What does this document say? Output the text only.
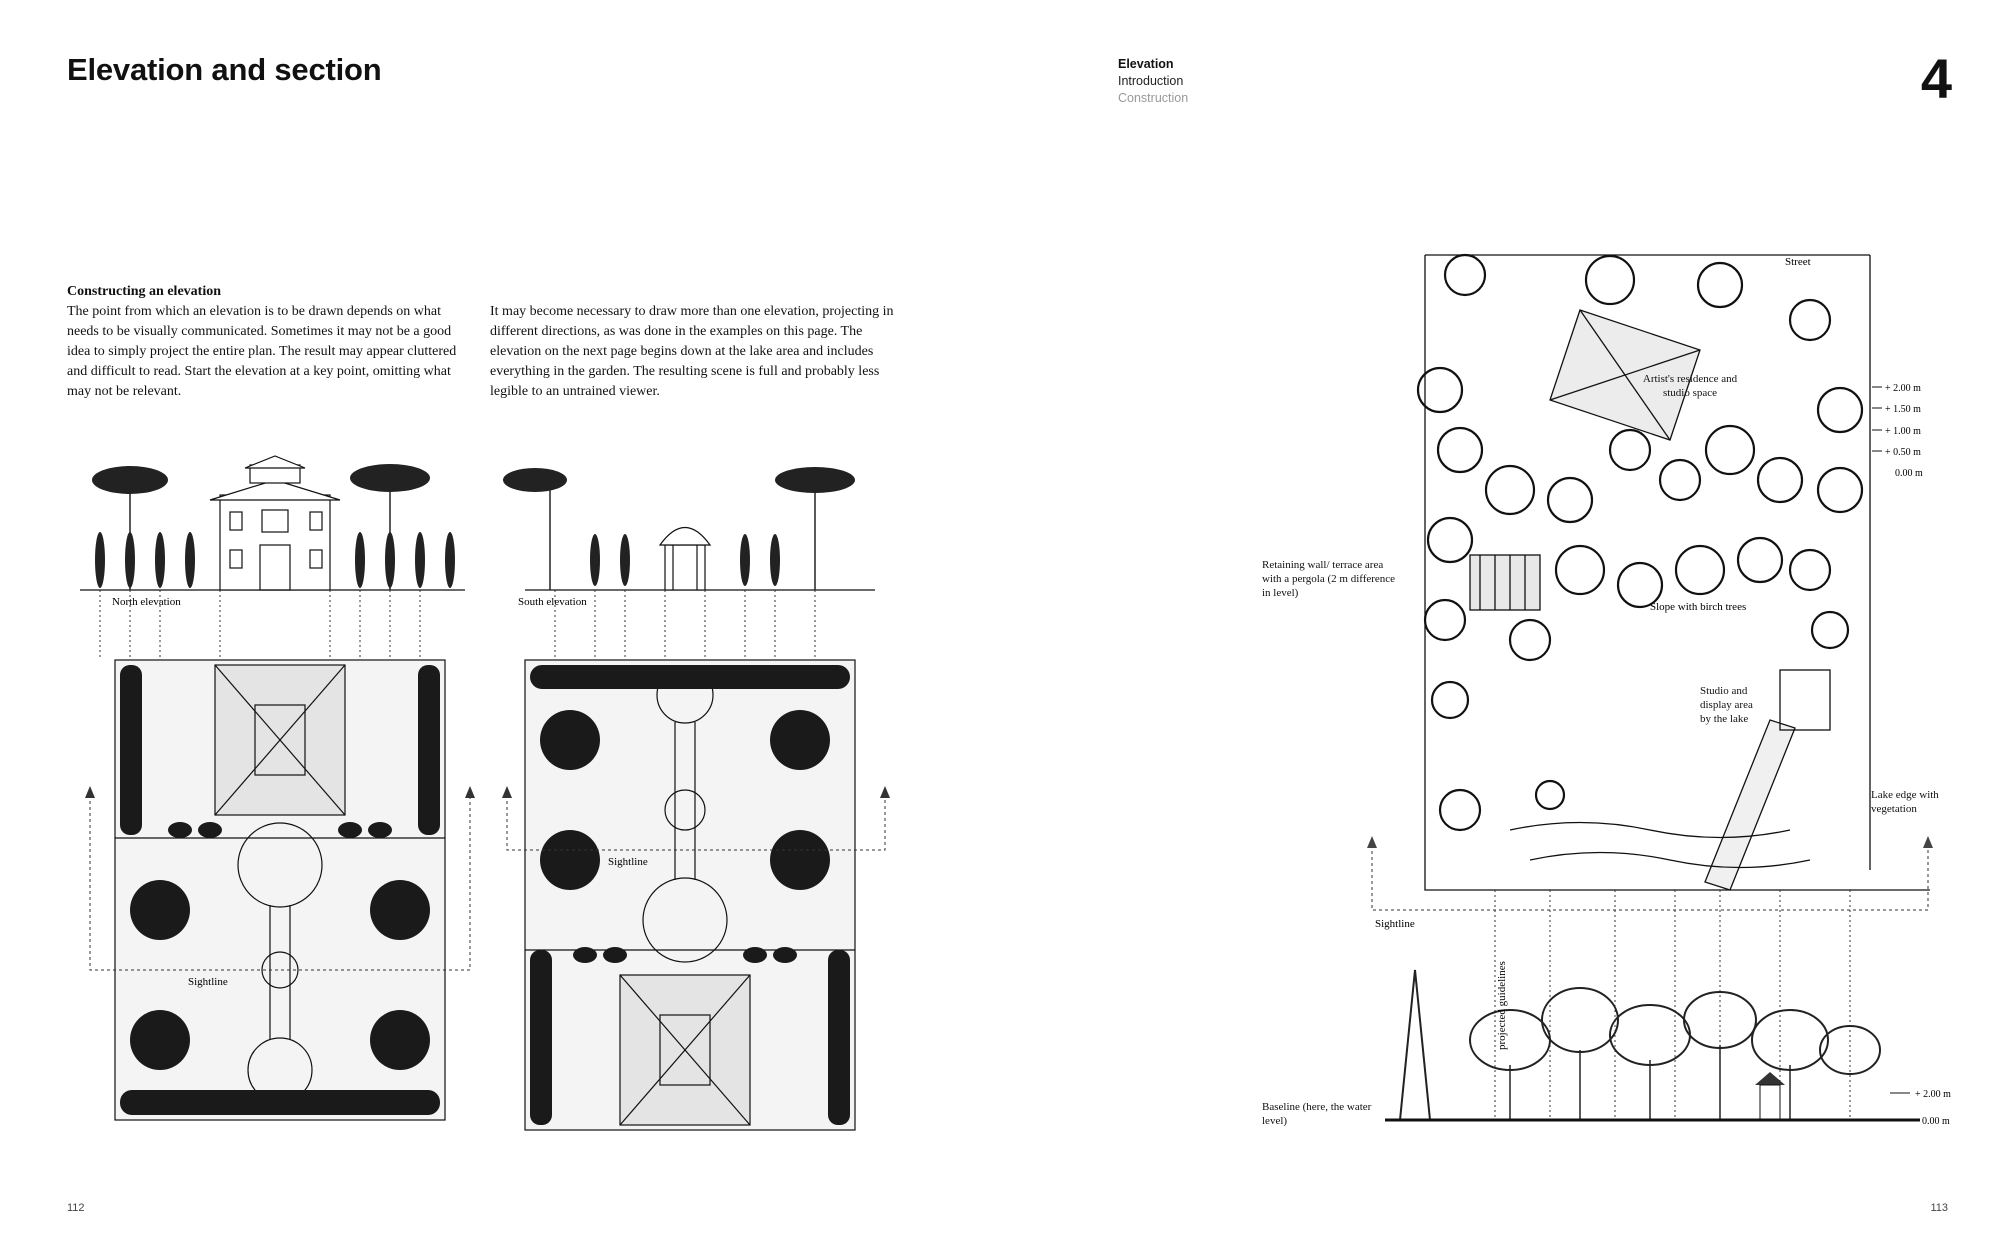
Elevation and section	Elevation
Introduction
Construction	4
Constructing an elevation

The point from which an elevation is to be drawn depends on what needs to be visually communicated. Sometimes it may not be a good idea to simply project the entire plan. The result may appear cluttered and difficult to read. Start the elevation at a key point, omitting what may not be relevant.

It may become necessary to draw more than one elevation, projecting in different directions, as was done in the examples on this page. The elevation on the next page begins down at the lake area and includes everything in the garden. The resulting scene is full and probably less legible to an untrained viewer.

North elevation
Sightline
South elevation
Sightline
+ 2.00 m
+ 1.50 m
+ 1.00 m
+ 0.50 m
0.00 m
+ 2.00 m
0.00 m
Street
Slope with birch trees
Sightline
projected guidelines
Artist's residence and studio space
Retaining wall/ terrace area with a pergola (2 m difference in level)
Studio and display area by the lake
Lake edge with vegetation
Baseline (here, the water level)
112	113
